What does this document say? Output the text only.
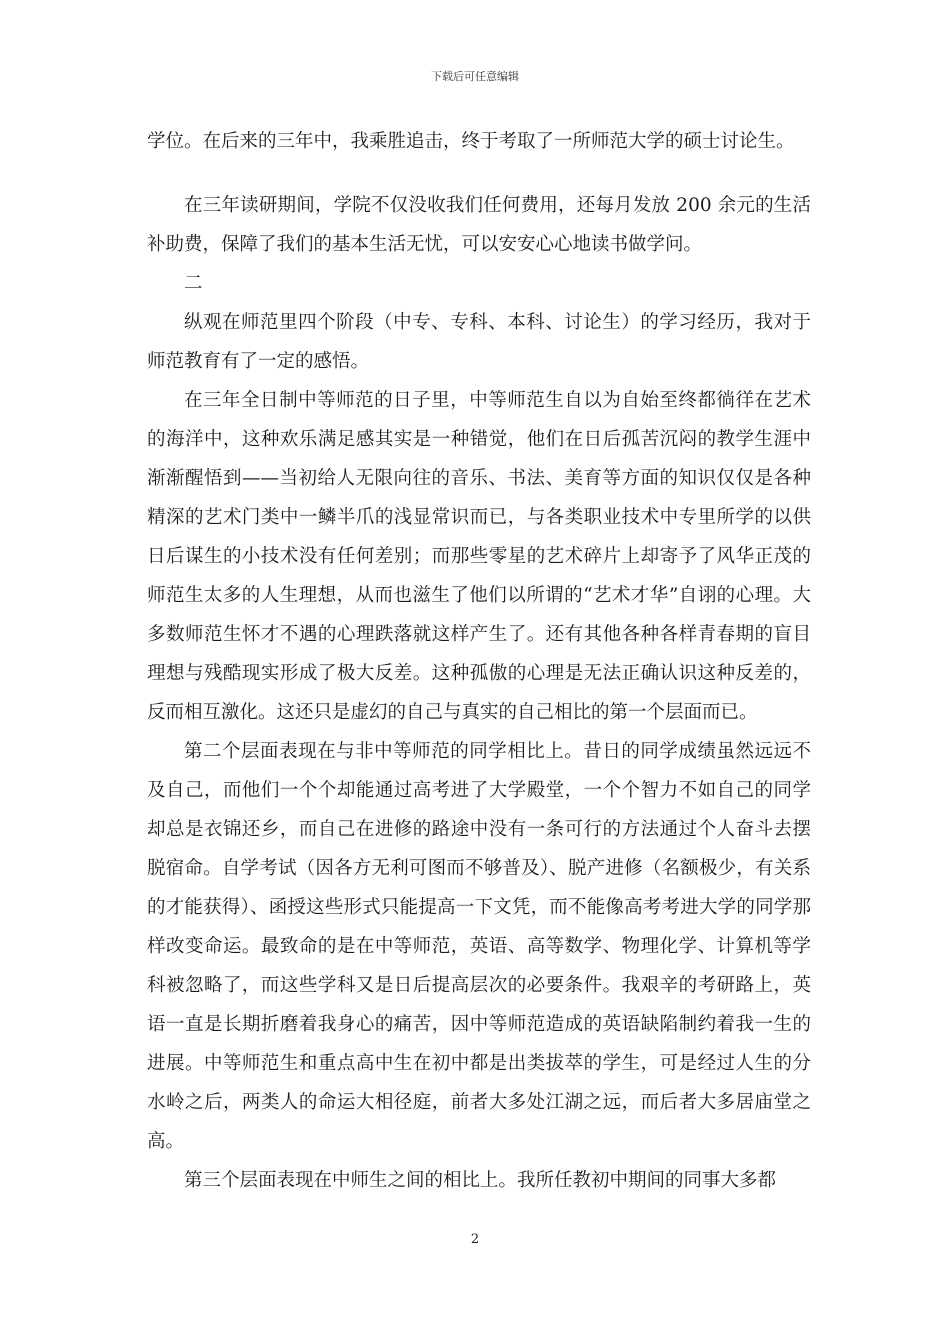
下载后可任意编辑

学位。在后来的三年中，我乘胜追击，终于考取了一所师范大学的硕士讨论生。

在三年读研期间，学院不仅没收我们任何费用，还每月发放 200 余元的生活补助费，保障了我们的基本生活无忧，可以安安心心地读书做学问。

二

纵观在师范里四个阶段（中专、专科、本科、讨论生）的学习经历，我对于师范教育有了一定的感悟。

在三年全日制中等师范的日子里，中等师范生自以为自始至终都徜徉在艺术的海洋中，这种欢乐满足感其实是一种错觉，他们在日后孤苦沉闷的教学生涯中渐渐醒悟到——当初给人无限向往的音乐、书法、美育等方面的知识仅仅是各种精深的艺术门类中一鳞半爪的浅显常识而已，与各类职业技术中专里所学的以供日后谋生的小技术没有任何差别；而那些零星的艺术碎片上却寄予了风华正茂的师范生太多的人生理想，从而也滋生了他们以所谓的“艺术才华”自诩的心理。大多数师范生怀才不遇的心理跌落就这样产生了。还有其他各种各样青春期的盲目理想与残酷现实形成了极大反差。这种孤傲的心理是无法正确认识这种反差的，反而相互激化。这还只是虚幻的自己与真实的自己相比的第一个层面而已。

第二个层面表现在与非中等师范的同学相比上。昔日的同学成绩虽然远远不及自己，而他们一个个却能通过高考进了大学殿堂，一个个智力不如自己的同学却总是衣锦还乡，而自己在进修的路途中没有一条可行的方法通过个人奋斗去摆脱宿命。自学考试（因各方无利可图而不够普及）、脱产进修（名额极少，有关系的才能获得）、函授这些形式只能提高一下文凭，而不能像高考考进大学的同学那样改变命运。最致命的是在中等师范，英语、高等数学、物理化学、计算机等学科被忽略了，而这些学科又是日后提高层次的必要条件。我艰辛的考研路上，英语一直是长期折磨着我身心的痛苦，因中等师范造成的英语缺陷制约着我一生的进展。中等师范生和重点高中生在初中都是出类拔萃的学生，可是经过人生的分水岭之后，两类人的命运大相径庭，前者大多处江湖之远，而后者大多居庙堂之高。

第三个层面表现在中师生之间的相比上。我所任教初中期间的同事大多都

2
